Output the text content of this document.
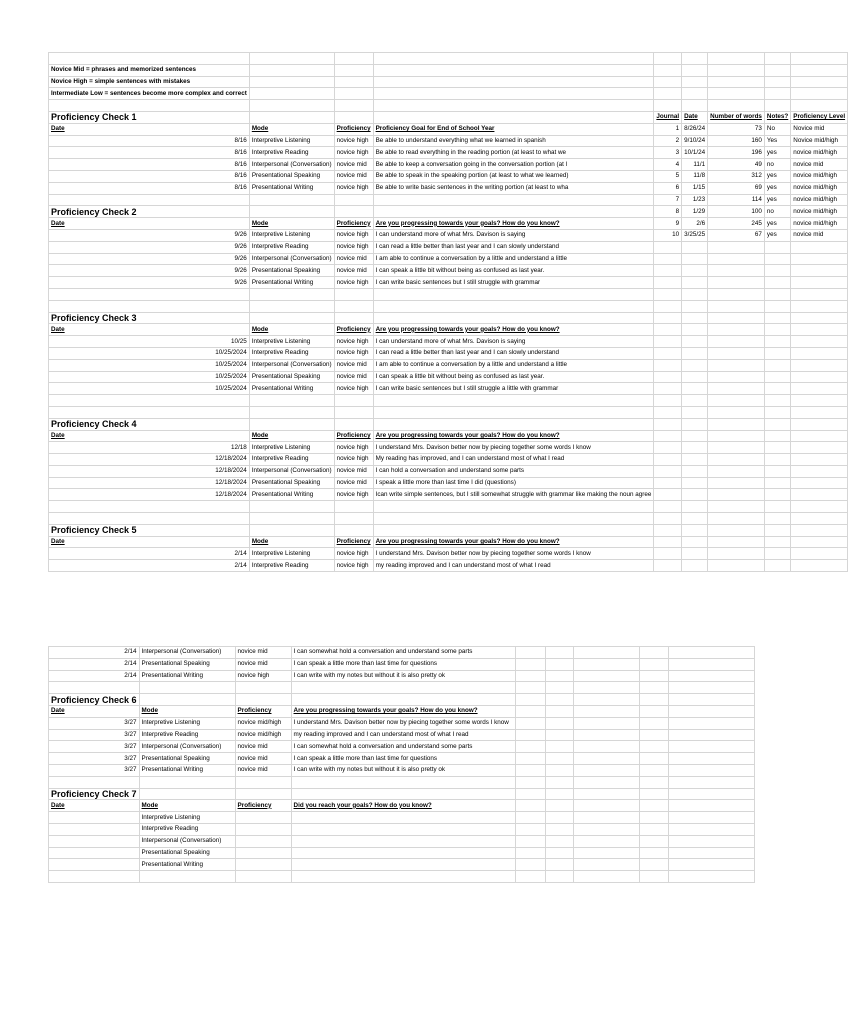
Novice Mid = phrases and memorized sentences								
Novice High = simple sentences with mistakes								
Intermediate Low = sentences become more complex and correct								

Proficiency Check 1				Journal	Date	Number of words	Notes?	Proficiency Level
Date	Mode	Proficiency	Proficiency Goal for End of School Year	1	8/26/24	73	No	Novice mid
8/16	Interpretive Listening	novice high	Be able to understand everything what we learned in spanish	2	9/10/24	160	Yes	Novice mid/high
8/16	Interpretive Reading	novice high	Be able to read everything in the reading portion (at least to what we	3	10/1/24	196	yes	novice mid/high
8/16	Interpersonal (Conversation)	novice mid	Be able to keep a conversation going in the conversation portion (at l	4	11/1	49	no	novice mid
8/16	Presentational Speaking	novice mid	Be able to speak in the speaking portion (at least to what we learned)	5	11/8	312	yes	novice mid/high
8/16	Presentational Writing	novice high	Be able to write basic sentences in the writing portion (at least to wha	6	1/15	69	yes	novice mid/high
				7	1/23	114	yes	novice mid/high
Proficiency Check 2				8	1/29	100	no	novice mid/high
Date	Mode	Proficiency	Are you progressing towards your goals? How do you know?	9	2/6	245	yes	novice mid/high
9/26	Interpretive Listening	novice high	I can understand more of what Mrs. Davison is saying	10	3/25/25	67	yes	novice mid
9/26	Interpretive Reading	novice high	I can read a little better than last year and I can slowly understand					
9/26	Interpersonal (Conversation)	novice mid	I am able to continue a conversation by a little and understand a little					
9/26	Presentational Speaking	novice mid	I can speak a little bit without being as confused as last year.					
9/26	Presentational Writing	novice high	I can write basic sentences but I still struggle with grammar					

Proficiency Check 3								
Date	Mode	Proficiency	Are you progressing towards your goals? How do you know?					
10/25	Interpretive Listening	novice high	I can understand more of what Mrs. Davison is saying					
10/25/2024	Interpretive Reading	novice high	I can read a little better than last year and I can slowly understand					
10/25/2024	Interpersonal (Conversation)	novice mid	I am able to continue a conversation by a little and understand a little					
10/25/2024	Presentational Speaking	novice mid	I can speak a little bit without being as confused as last year.					
10/25/2024	Presentational Writing	novice high	I can write basic sentences but I still struggle a little with grammar					

Proficiency Check 4								
Date	Mode	Proficiency	Are you progressing towards your goals? How do you know?					
12/18	Interpretive Listening	novice high	I understand Mrs. Davison better now by piecing together some words I know					
12/18/2024	Interpretive Reading	novice high	My reading has improved, and I can understand most of what I read					
12/18/2024	Interpersonal (Conversation)	novice mid	I can hold a conversation and understand some parts					
12/18/2024	Presentational Speaking	novice mid	I speak a little more than last time I did (questions)					
12/18/2024	Presentational Writing	novice high	Ican write simple sentences, but I still somewhat struggle with grammar like making the noun agree					

Proficiency Check 5								
Date	Mode	Proficiency	Are you progressing towards your goals? How do you know?					
2/14	Interpretive Listening	novice high	I understand Mrs. Davison better now by piecing together some words I know					
2/14	Interpretive Reading	novice high	my reading improved and I can understand most of what I read					
2/14	Interpersonal (Conversation)	novice mid	I can somewhat hold a conversation and understand some parts					
2/14	Presentational Speaking	novice mid	I can speak a little more than last time for questions					
2/14	Presentational Writing	novice high	I can write with my notes but without it is also pretty ok					

Proficiency Check 6								
Date	Mode	Proficiency	Are you progressing towards your goals? How do you know?					
3/27	Interpretive Listening	novice mid/high	I understand Mrs. Davison better now by piecing together some words I know					
3/27	Interpretive Reading	novice mid/high	my reading improved and I can understand most of what I read					
3/27	Interpersonal (Conversation)	novice mid	I can somewhat hold a conversation and understand some parts					
3/27	Presentational Speaking	novice mid	I can speak a little more than last time for questions					
3/27	Presentational Writing	novice mid	I can write with my notes but without it is also pretty ok					

Proficiency Check 7								
Date	Mode	Proficiency	Did you reach your goals? How do you know?					
	Interpretive Listening							
	Interpretive Reading							
	Interpersonal (Conversation)							
	Presentational Speaking							
	Presentational Writing							
